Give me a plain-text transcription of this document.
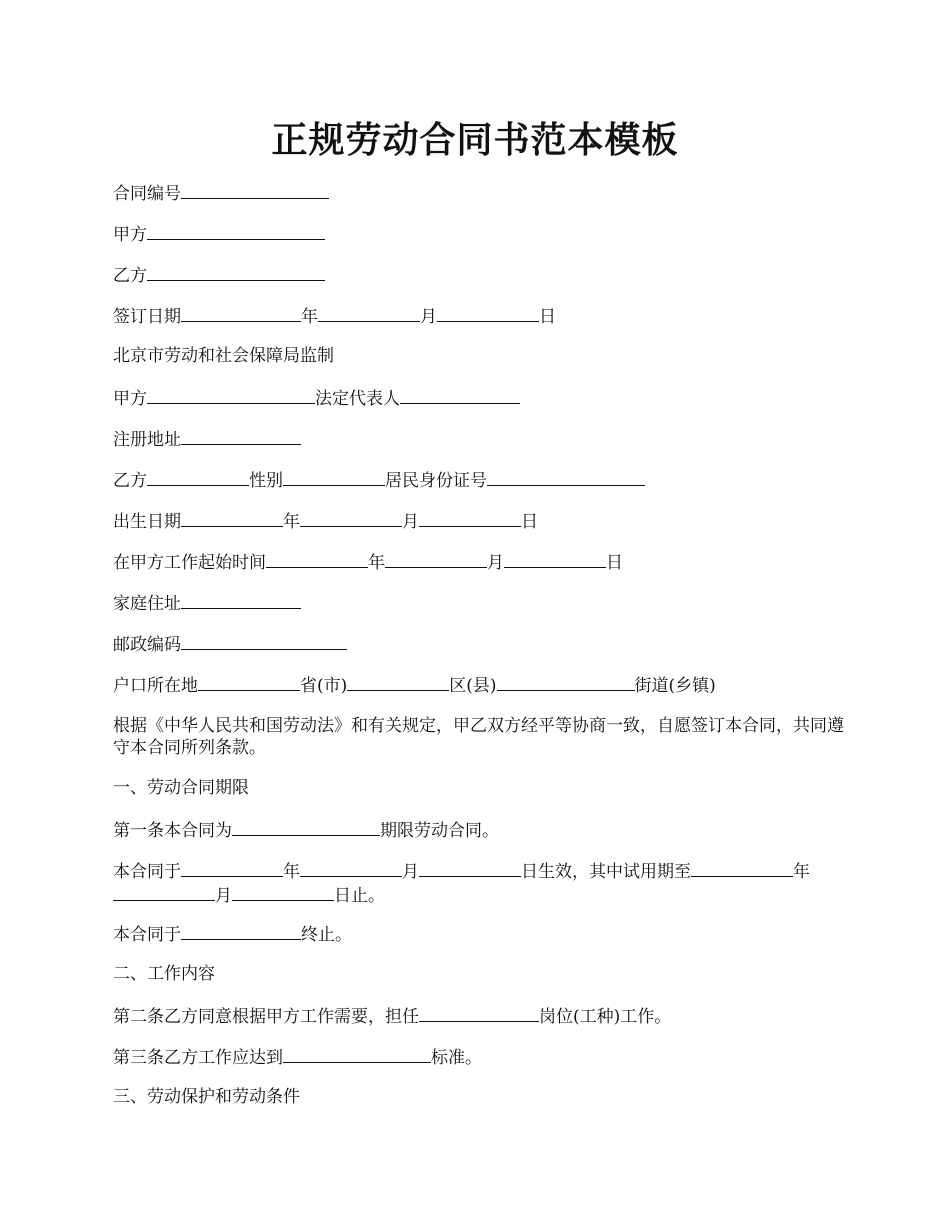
正规劳动合同书范本模板
合同编号
甲方
乙方
签订日期	年	月	日
北京市劳动和社会保障局监制
甲方	法定代表人
注册地址
乙方	性别	居民身份证号
出生日期	年	月	日
在甲方工作起始时间	年	月	日
家庭住址
邮政编码
户口所在地	省(市)	区(县)	街道(乡镇)
根据《中华人民共和国劳动法》和有关规定，甲乙双方经平等协商一致，自愿签订本合同，共同遵守本合同所列条款。
一、劳动合同期限
第一条本合同为	期限劳动合同。
本合同于	年	月	日生效，其中试用期至	年
月	日止。
本合同于	终止。
二、工作内容
第二条乙方同意根据甲方工作需要，担任	岗位(工种)工作。
第三条乙方工作应达到	标准。
三、劳动保护和劳动条件
